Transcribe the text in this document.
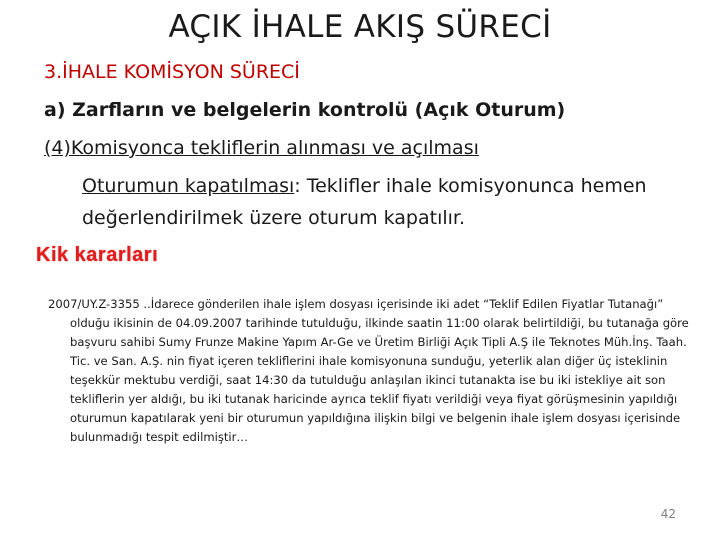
AÇIK İHALE AKIŞ SÜRECİ
3.İHALE KOMİSYON SÜRECİ
a) Zarfların ve belgelerin kontrolü (Açık Oturum)
(4)Komisyonca tekliflerin alınması ve açılması
Oturumun kapatılması: Teklifler ihale komisyonunca hemen değerlendirilmek üzere oturum kapatılır.
Kik kararları
2007/UY.Z-3355 ..İdarece gönderilen ihale işlem dosyası içerisinde iki adet “Teklif Edilen Fiyatlar Tutanağı” olduğu ikisinin de 04.09.2007 tarihinde tutulduğu, ilkinde saatin 11:00 olarak belirtildiği, bu tutanağa göre başvuru sahibi Sumy Frunze Makine Yapım Ar-Ge ve Üretim Birliği Açık Tipli A.Ş ile Teknotes Müh.İnş. Taah. Tic. ve San. A.Ş. nin fiyat içeren tekliflerini ihale komisyonuna sunduğu, yeterlik alan diğer üç isteklinin teşekkür mektubu verdiği, saat 14:30 da tutulduğu anlaşılan ikinci tutanakta ise bu iki istekliye ait son tekliflerin yer aldığı, bu iki tutanak haricinde ayrıca teklif fiyatı verildiği veya fiyat görüşmesinin yapıldığı oturumun kapatılarak yeni bir oturumun yapıldığına ilişkin bilgi ve belgenin ihale işlem dosyası içerisinde bulunmadığı tespit edilmiştir…
42
